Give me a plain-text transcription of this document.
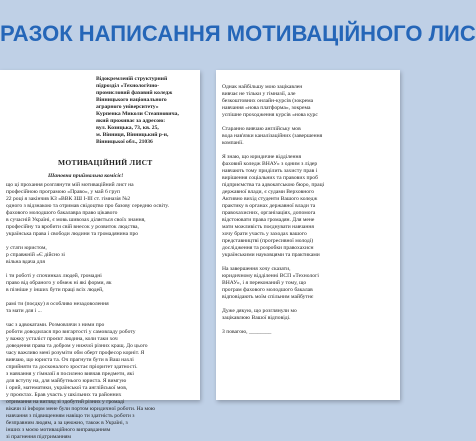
РАЗОК НАПИСАННЯ МОТИВАЦІЙНОГО ЛИС
Відокремленій структурний
підрозділ «Технологічно-
промисловий фаховий коледж
Вінницького національного
аграрного університету»
Курпенка Миколи Стеапновича,
який проживає за адресою:
вул. Козицька, 73, кв. 25,
м. Вінниця, Вінницький р-н,
Вінницької обл., 21036
МОТИВАЦІЙНИЙ ЛИСТ
Шановна приймальна комісіє!
що ці прохання розглянути мій мотиваційний лист на
професійною програмою «Право», у май 6 груп
22 році я закінчив КЗ «ВВК ЗШ І-ІІІ ст. гімназія №2
одного з відзнакою та отримав свідоцтво про базову середню освіту.
фахового молодшого бакалавра право цікавого
в сучасній Україні, є мовь шивозах діляється своїх знання,
професійну та вробити свій внесок у розвиток людства,
українська права і свободи людини та громадянина про
у стати юристом,
р справжній «Є дійсно зі
вільна вдача для
і ти роботі у спочинках людей, громадні
право від обраного у обмеж ні які форми, як
в пізніше у інших бути праці всіх людей,
рамі ти (поєдку) я особливо незадоволення
та мати для і ...
час з адвокатами. Розмовлячи з ними про
роботи доводилася про вигартості у самовладу роботу
у важку усталіст проєкт людина, коли таки хоч
доведення права та добром у нижчої різних кращ. До цього
часу важливо мені розуміти обм оберт професор корніт. Я
вивчаю, що юриста та. Оч прагнути бути в Ваш нахлі
сприйняти та досконалого зростає пріоритет здатності.
з навчання у гімназії я посилено вивчав предмети, які
для вступу на, для майбутнього юриста. Я вимгую
і орий, математики, української та англійської мов,
у проєктах. Брав участь у шкільних та районних
отримання на вигляд зі здобутий різних у громаді
вікачи зі інформ мене були портом юридичної роботи. На мою
навчання з підвищенням навіщо ти здатність роботи з
безправним людям, а за цеюжно, також в Україні, з
інших з моєю мотиваційного виправданням
зі прагнення підтриманням
Однак найбільшу мою зацікавлен
вивчає не тільки у гімназії, але
безкоштовних онлайн-курсів (зокрема
навчання «нова платформа», зокрема
успішне проходження курсів «нова курс
Старанно вивчаю англійську мов
вода нав'язки каналізаційних (завершення
компанії.
Я знаю, що юридичне відділення
фаховий коледж ВНАУ» з одним з лідер
навчають тому приділить захисту прав і
вирішення соціальних та правових проб
підприємства та адвокатською бюро, праці
державної влади, є судами Верховного
Активно вихід студенти Вашого коледж
практику в органах державної влади та
правохахисних, організаціях, допомога
відстоювати права громадян. Для мене
мати можливість поєднувати навчання
хочу брати участь у заходах вашого
представництві (прогресивної молоді)
дослідження та розробки правохахисн
українськими науковцями та практиками
На завершення хочу сказати,
юридичному відділенні ВСП «Технологі
ВНАУ», і я переконаний у тому, що
програм фахового молодшого бакалав
відповідають моїм спільним майбутнє
Дуже дякую, що розглянули мо
зацікавлюю Вашої відповіді.
З повагою, ________
